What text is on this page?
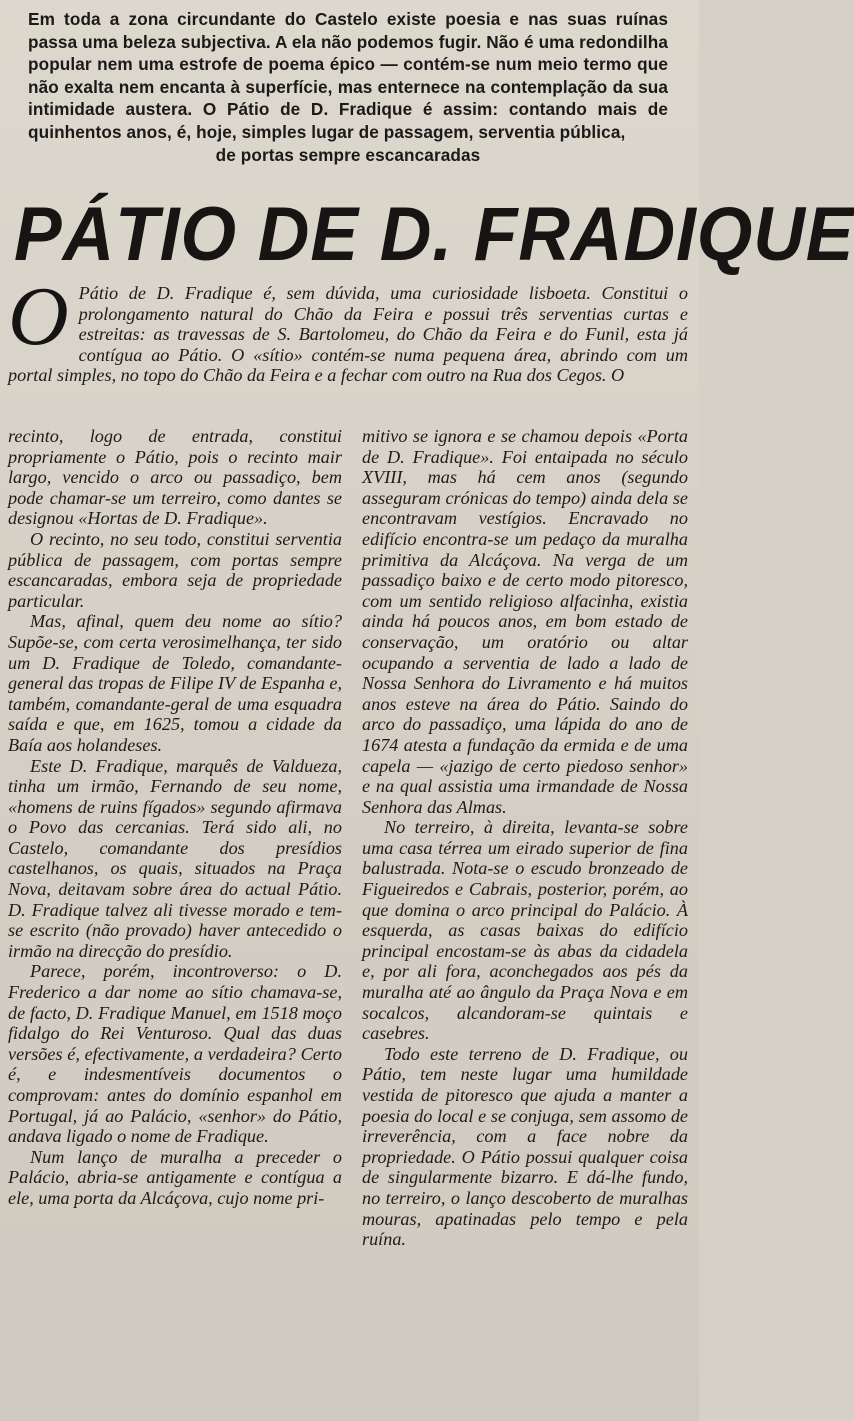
Em toda a zona circundante do Castelo existe poesia e nas suas ruínas passa uma beleza subjectiva. A ela não podemos fugir. Não é uma redondilha popular nem uma estrofe de poema épico — contém-se num meio termo que não exalta nem encanta à superfície, mas enternece na contemplação da sua intimidade austera. O Pátio de D. Fradique é assim: contando mais de quinhentos anos, é, hoje, simples lugar de passagem, serventia pública,
de portas sempre escancaradas
PÁTIO DE D. FRADIQUE
O Pátio de D. Fradique é, sem dúvida, uma curiosidade lisboeta. Constitui o prolongamento natural do Chão da Feira e possui três serventias curtas e estreitas: as travessas de S. Bartolomeu, do Chão da Feira e do Funil, esta já contígua ao Pátio. O «sítio» contém-se numa pequena área, abrindo com um portal simples, no topo do Chão da Feira e a fechar com outro na Rua dos Cegos. O

recinto, logo de entrada, constitui propriamente o Pátio, pois o recinto mair largo, vencido o arco ou passadiço, bem pode chamar-se um terreiro, como dantes se designou «Hortas de D. Fradique».

O recinto, no seu todo, constitui serventia pública de passagem, com portas sempre escancaradas, embora seja de propriedade particular.

Mas, afinal, quem deu nome ao sítio? Supõe-se, com certa verosimelhança, ter sido um D. Fradique de Toledo, comandante-general das tropas de Filipe IV de Espanha e, também, comandante-geral de uma esquadra saída e que, em 1625, tomou a cidade da Baía aos holandeses.

Este D. Fradique, marquês de Valdueza, tinha um irmão, Fernando de seu nome, «homens de ruins fígados» segundo afirmava o Povo das cercanias. Terá sido ali, no Castelo, comandante dos presídios castelhanos, os quais, situados na Praça Nova, deitavam sobre área do actual Pátio. D. Fradique talvez ali tivesse morado e tem-se escrito (não provado) haver antecedido o irmão na direcção do presídio.

Parece, porém, incontroverso: o D. Frederico a dar nome ao sítio chamava-se, de facto, D. Fradique Manuel, em 1518 moço fidalgo do Rei Venturoso. Qual das duas versões é, efectivamente, a verdadeira? Certo é, e indesmentíveis documentos o comprovam: antes do domínio espanhol em Portugal, já ao Palácio, «senhor» do Pátio, andava ligado o nome de Fradique.

Num lanço de muralha a preceder o Palácio, abria-se antigamente e contígua a ele, uma porta da Alcáçova, cujo nome pri-

mitivo se ignora e se chamou depois «Porta de D. Fradique». Foi entaipada no século XVIII, mas há cem anos (segundo asseguram crónicas do tempo) ainda dela se encontravam vestígios. Encravado no edifício encontra-se um pedaço da muralha primitiva da Alcáçova. Na verga de um passadiço baixo e de certo modo pitoresco, com um sentido religioso alfacinha, existia ainda há poucos anos, em bom estado de conservação, um oratório ou altar ocupando a serventia de lado a lado de Nossa Senhora do Livramento e há muitos anos esteve na área do Pátio. Saindo do arco do passadiço, uma lápida do ano de 1674 atesta a fundação da ermida e de uma capela — «jazigo de certo piedoso senhor» e na qual assistia uma irmandade de Nossa Senhora das Almas.

No terreiro, à direita, levanta-se sobre uma casa térrea um eirado superior de fina balustrada. Nota-se o escudo bronzeado de Figueiredos e Cabrais, posterior, porém, ao que domina o arco principal do Palácio. À esquerda, as casas baixas do edifício principal encostam-se às abas da cidadela e, por ali fora, aconchegados aos pés da muralha até ao ângulo da Praça Nova e em socalcos, alcandoram-se quintais e casebres.

Todo este terreno de D. Fradique, ou Pátio, tem neste lugar uma humildade vestida de pitoresco que ajuda a manter a poesia do local e se conjuga, sem assomo de irreverência, com a face nobre da propriedade. O Pátio possui qualquer coisa de singularmente bizarro. E dá-lhe fundo, no terreiro, o lanço descoberto de muralhas mouras, apatinadas pelo tempo e pela ruína.
